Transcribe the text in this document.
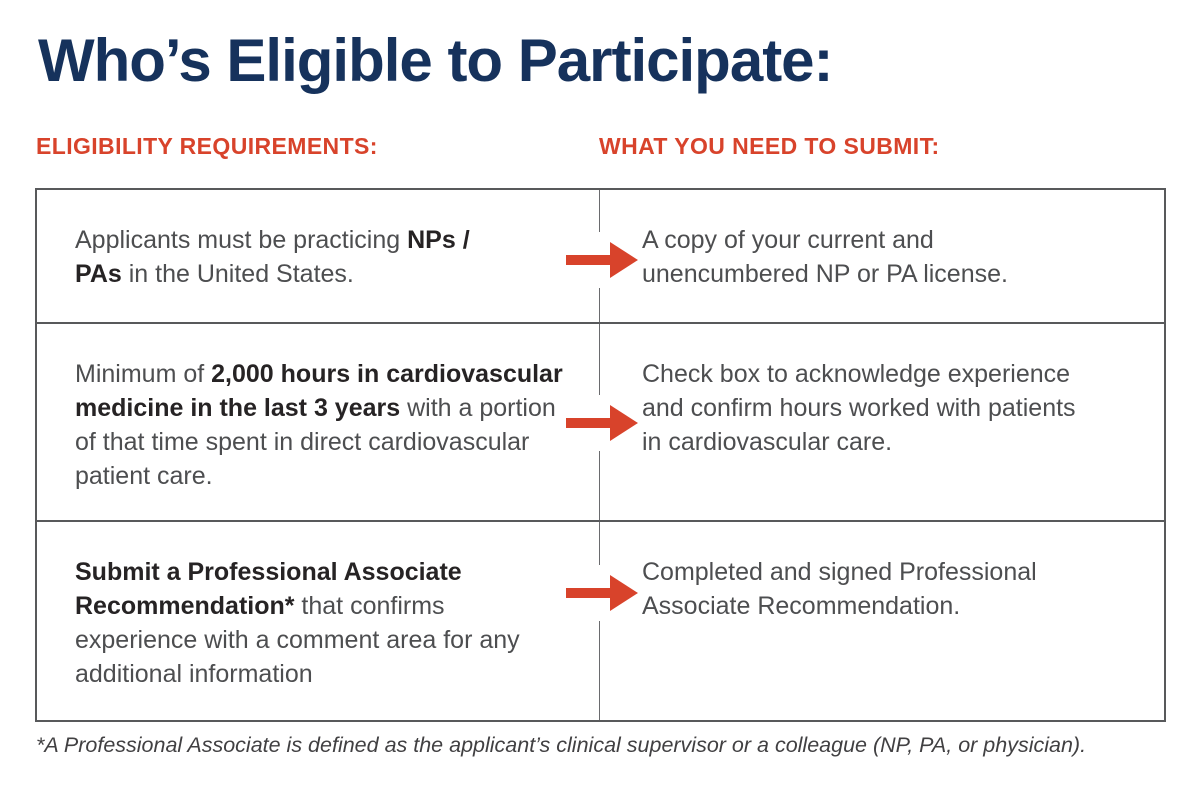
Who’s Eligible to Participate:
ELIGIBILITY REQUIREMENTS:	WHAT YOU NEED TO SUBMIT:

Applicants must be practicing NPs / PAs in the United States.

A copy of your current and unencumbered NP or PA license.

Minimum of 2,000 hours in cardiovascular medicine in the last 3 years with a portion of that time spent in direct cardiovascular patient care.

Check box to acknowledge experience and confirm hours worked with patients in cardiovascular care.

Submit a Professional Associate Recommendation* that confirms experience with a comment area for any additional information

Completed and signed Professional Associate Recommendation.

*A Professional Associate is defined as the applicant’s clinical supervisor or a colleague (NP, PA, or physician).
